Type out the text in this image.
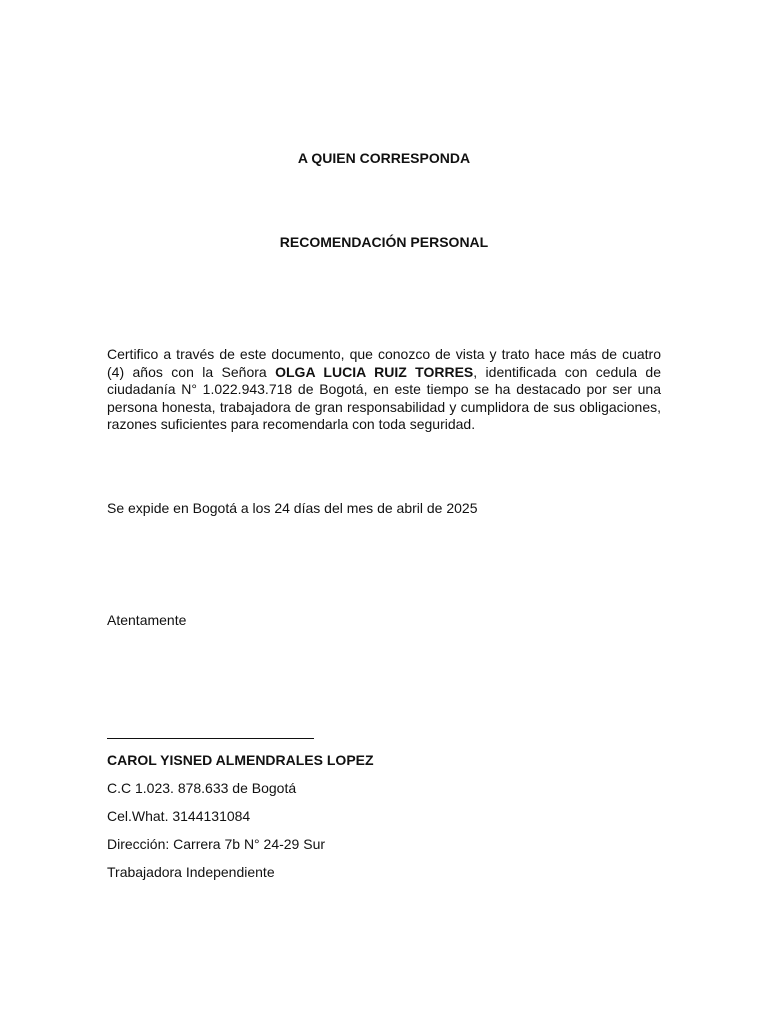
A QUIEN CORRESPONDA

RECOMENDACIÓN PERSONAL

Certifico a través de este documento, que conozco de vista y trato hace más de cuatro (4) años con la Señora OLGA LUCIA RUIZ TORRES, identificada con cedula de ciudadanía N° 1.022.943.718 de Bogotá, en este tiempo se ha destacado por ser una persona honesta, trabajadora de gran responsabilidad y cumplidora de sus obligaciones, razones suficientes para recomendarla con toda seguridad.

Se expide en Bogotá a los 24 días del mes de abril de 2025

Atentamente

CAROL YISNED ALMENDRALES LOPEZ

C.C 1.023. 878.633 de Bogotá

Cel.What. 3144131084

Dirección: Carrera 7b N° 24-29 Sur

Trabajadora Independiente
